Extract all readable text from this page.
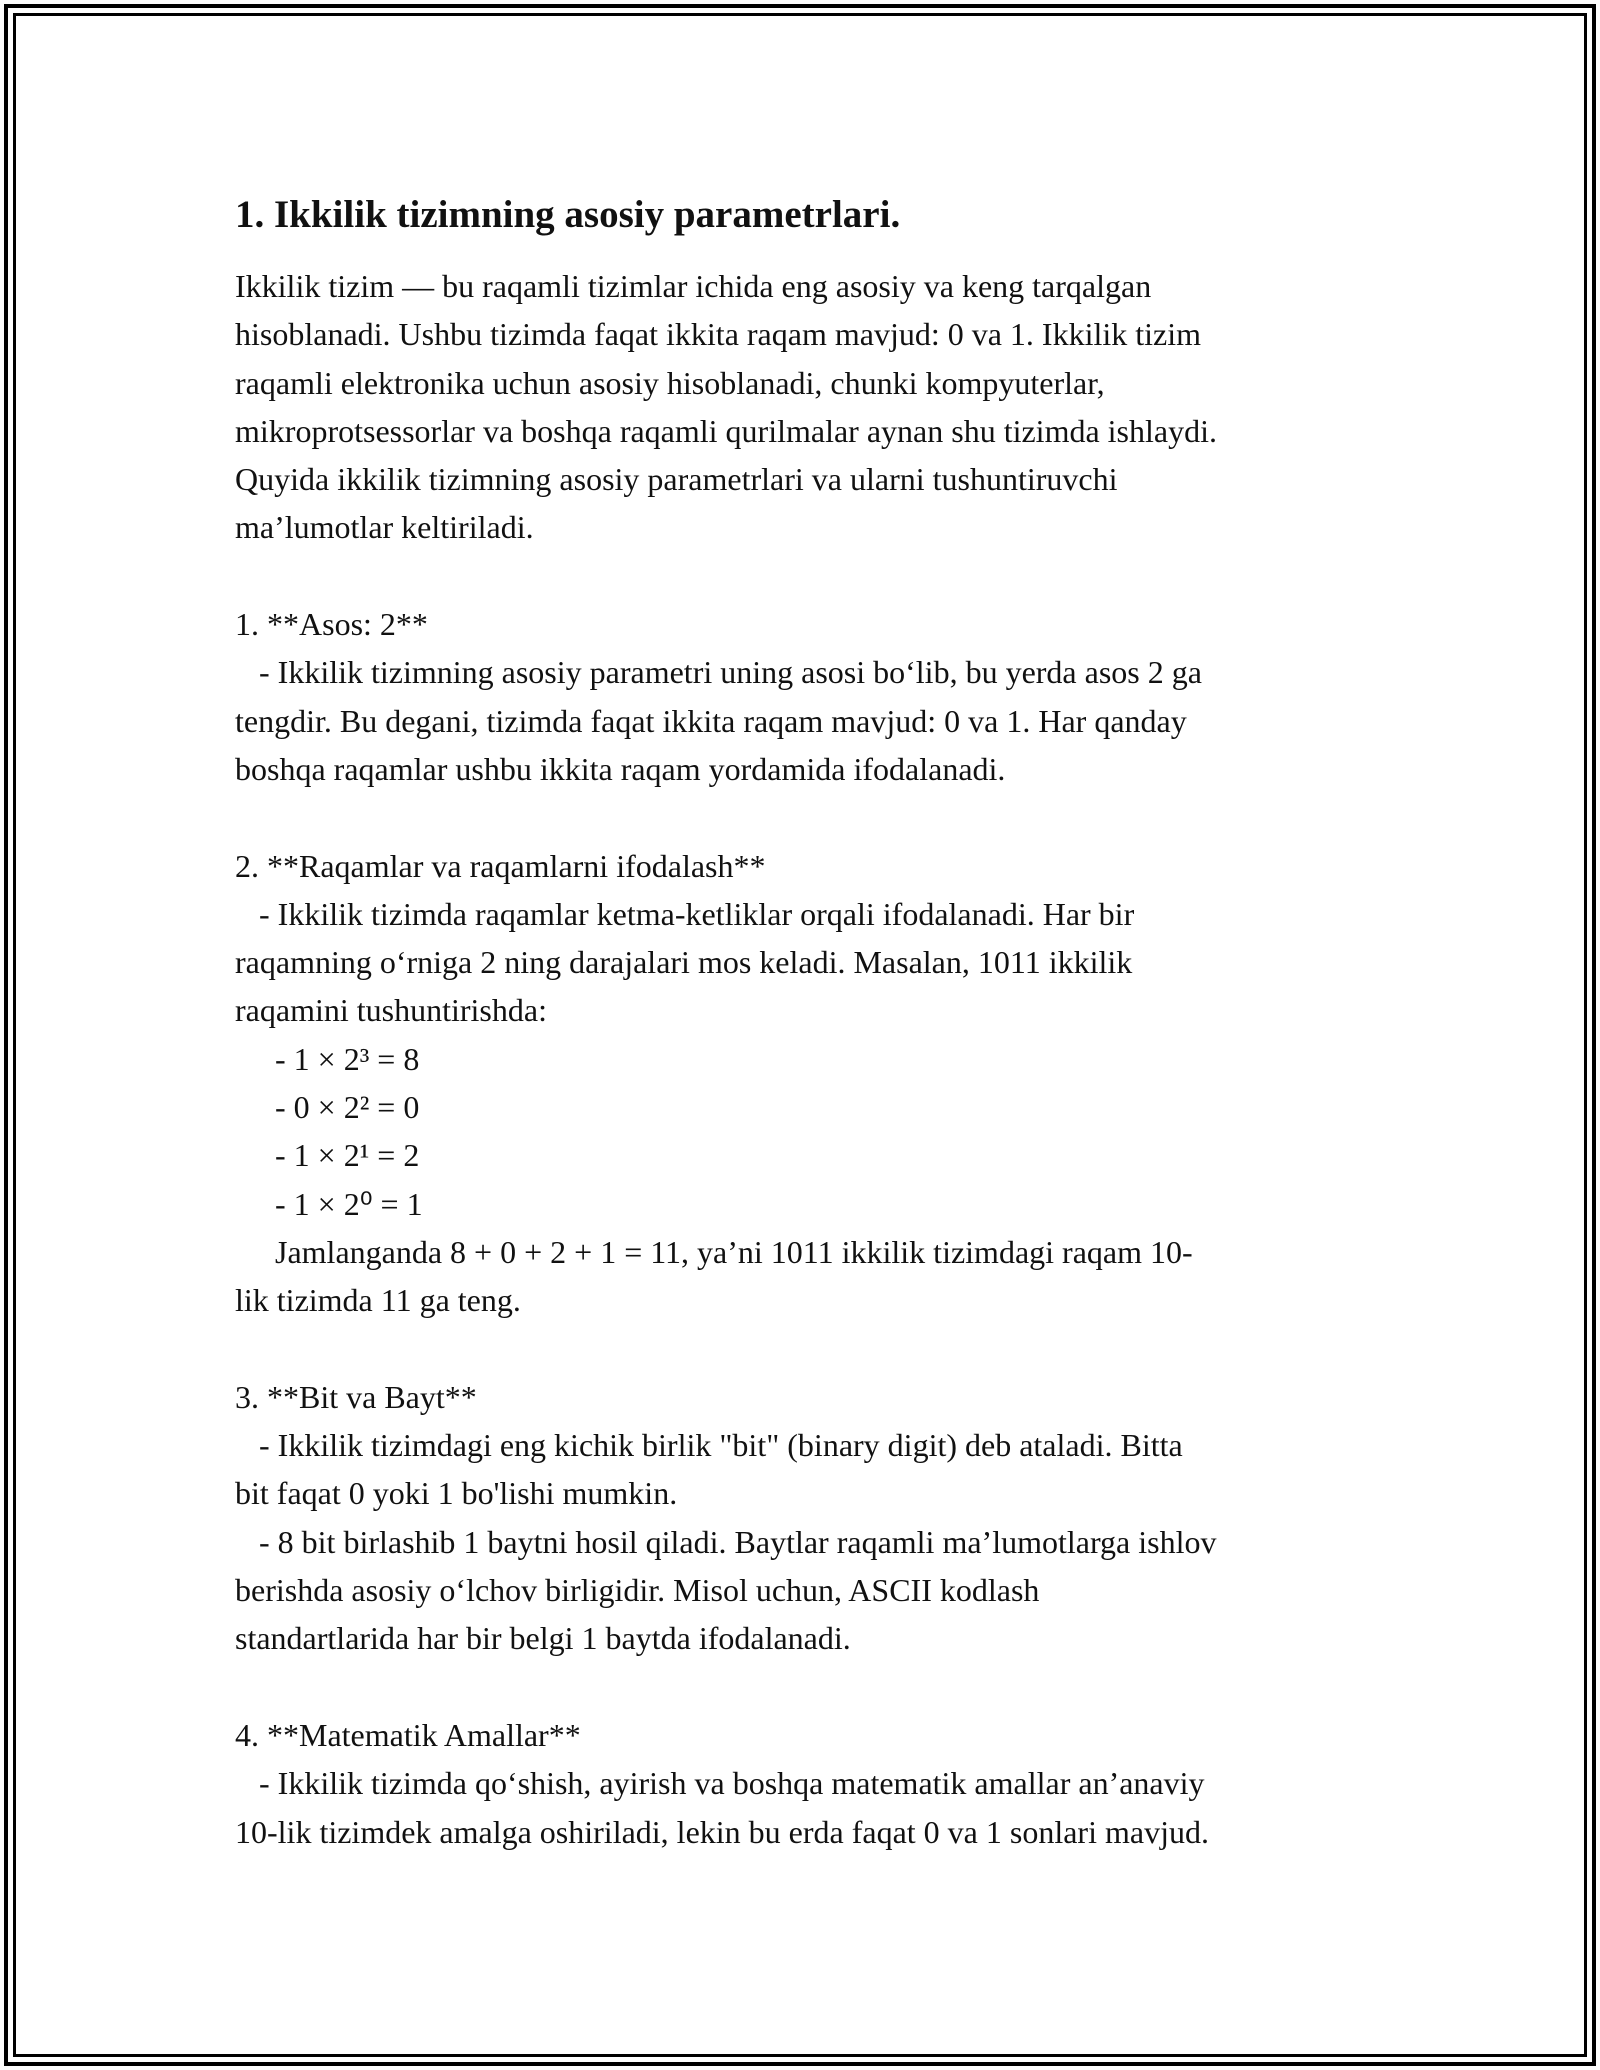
1. Ikkilik tizimning asosiy parametrlari.
Ikkilik tizim — bu raqamli tizimlar ichida eng asosiy va keng tarqalgan
hisoblanadi. Ushbu tizimda faqat ikkita raqam mavjud: 0 va 1. Ikkilik tizim
raqamli elektronika uchun asosiy hisoblanadi, chunki kompyuterlar,
mikroprotsessorlar va boshqa raqamli qurilmalar aynan shu tizimda ishlaydi.
Quyida ikkilik tizimning asosiy parametrlari va ularni tushuntiruvchi
ma’lumotlar keltiriladi.
1. **Asos: 2**
- Ikkilik tizimning asosiy parametri uning asosi bo‘lib, bu yerda asos 2 ga
tengdir. Bu degani, tizimda faqat ikkita raqam mavjud: 0 va 1. Har qanday
boshqa raqamlar ushbu ikkita raqam yordamida ifodalanadi.
2. **Raqamlar va raqamlarni ifodalash**
- Ikkilik tizimda raqamlar ketma-ketliklar orqali ifodalanadi. Har bir
raqamning o‘rniga 2 ning darajalari mos keladi. Masalan, 1011 ikkilik
raqamini tushuntirishda:
- 1 × 2³ = 8
- 0 × 2² = 0
- 1 × 2¹ = 2
- 1 × 2⁰ = 1
Jamlanganda 8 + 0 + 2 + 1 = 11, ya’ni 1011 ikkilik tizimdagi raqam 10-
lik tizimda 11 ga teng.
3. **Bit va Bayt**
- Ikkilik tizimdagi eng kichik birlik "bit" (binary digit) deb ataladi. Bitta
bit faqat 0 yoki 1 bo'lishi mumkin.
- 8 bit birlashib 1 baytni hosil qiladi. Baytlar raqamli ma’lumotlarga ishlov
berishda asosiy o‘lchov birligidir. Misol uchun, ASCII kodlash
standartlarida har bir belgi 1 baytda ifodalanadi.
4. **Matematik Amallar**
- Ikkilik tizimda qo‘shish, ayirish va boshqa matematik amallar an’anaviy
10-lik tizimdek amalga oshiriladi, lekin bu erda faqat 0 va 1 sonlari mavjud.
